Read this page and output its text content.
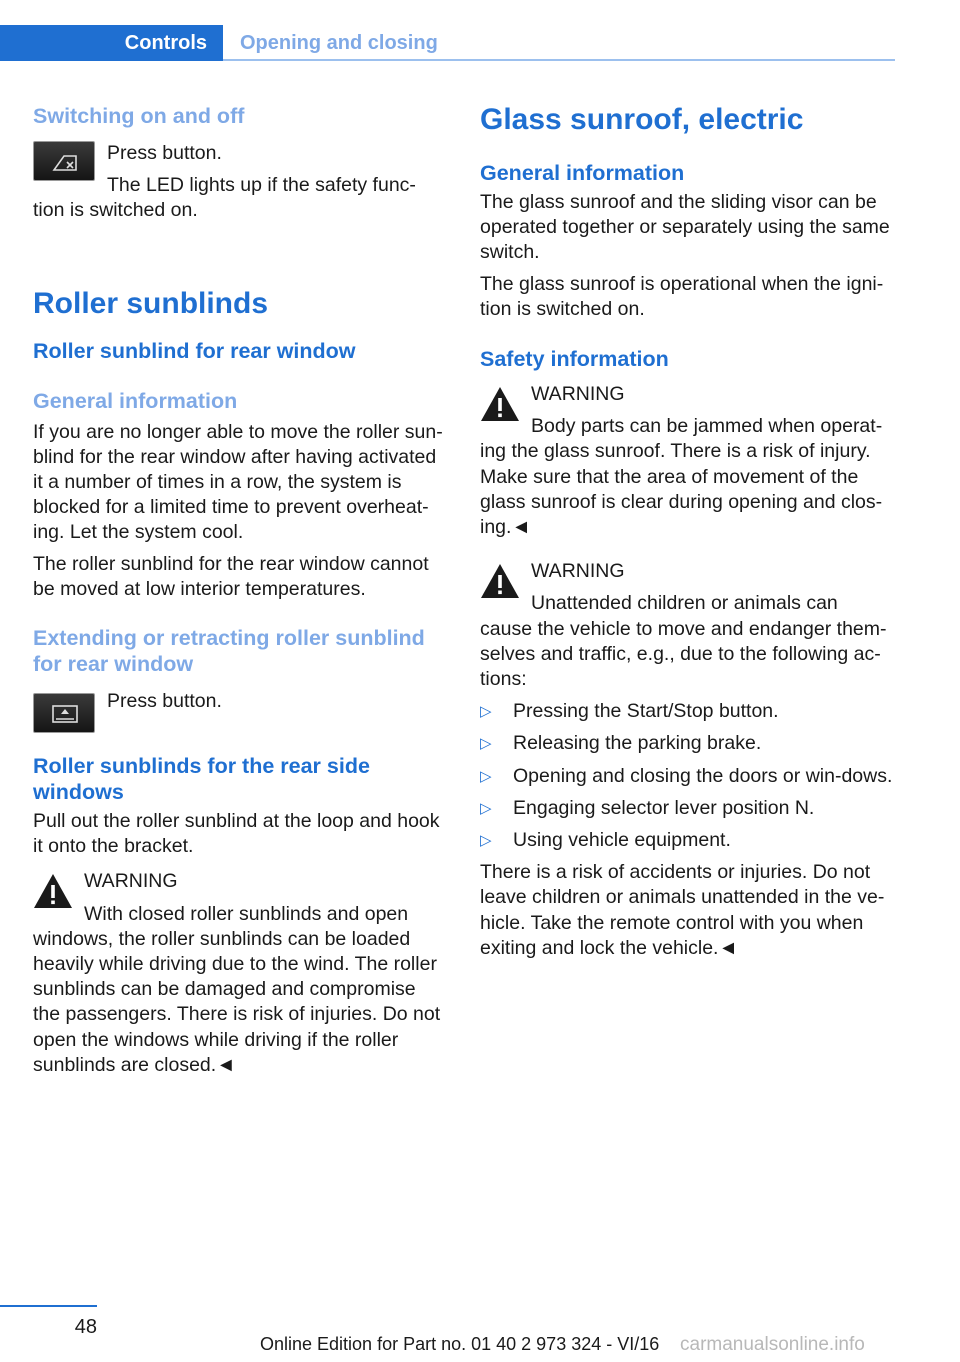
Controls	Opening and closing
Switching on and off

Press button.

The LED lights up if the safety func‐

tion is switched on.

Roller sunblinds
Roller sunblind for rear window
General information

If you are no longer able to move the roller sun‐blind for the rear window after having activated it a number of times in a row, the system is blocked for a limited time to prevent overheat‐ing. Let the system cool.

The roller sunblind for the rear window cannot be moved at low interior temperatures.

Extending or retracting roller sunblind for rear window

Press button.

Roller sunblinds for the rear side windows

Pull out the roller sunblind at the loop and hook it onto the bracket.

WARNING

With closed roller sunblinds and open

windows, the roller sunblinds can be loaded heavily while driving due to the wind. The roller sunblinds can be damaged and compromise the passengers. There is risk of injuries. Do not open the windows while driving if the roller sunblinds are closed.◄

Glass sunroof, electric
General information

The glass sunroof and the sliding visor can be operated together or separately using the same switch.

The glass sunroof is operational when the igni‐tion is switched on.

Safety information

WARNING

Body parts can be jammed when operat‐

ing the glass sunroof. There is a risk of injury. Make sure that the area of movement of the glass sunroof is clear during opening and clos‐ing.◄

WARNING

Unattended children or animals can

cause the vehicle to move and endanger them‐selves and traffic, e.g., due to the following ac‐tions:

▷ Pressing the Start/Stop button.
▷ Releasing the parking brake.
▷ Opening and closing the doors or win‐dows.
▷ Engaging selector lever position N.
▷ Using vehicle equipment.

There is a risk of accidents or injuries. Do not leave children or animals unattended in the ve‐hicle. Take the remote control with you when exiting and lock the vehicle.◄

48
Online Edition for Part no. 01 40 2 973 324 - VI/16 carmanualsonline.info
